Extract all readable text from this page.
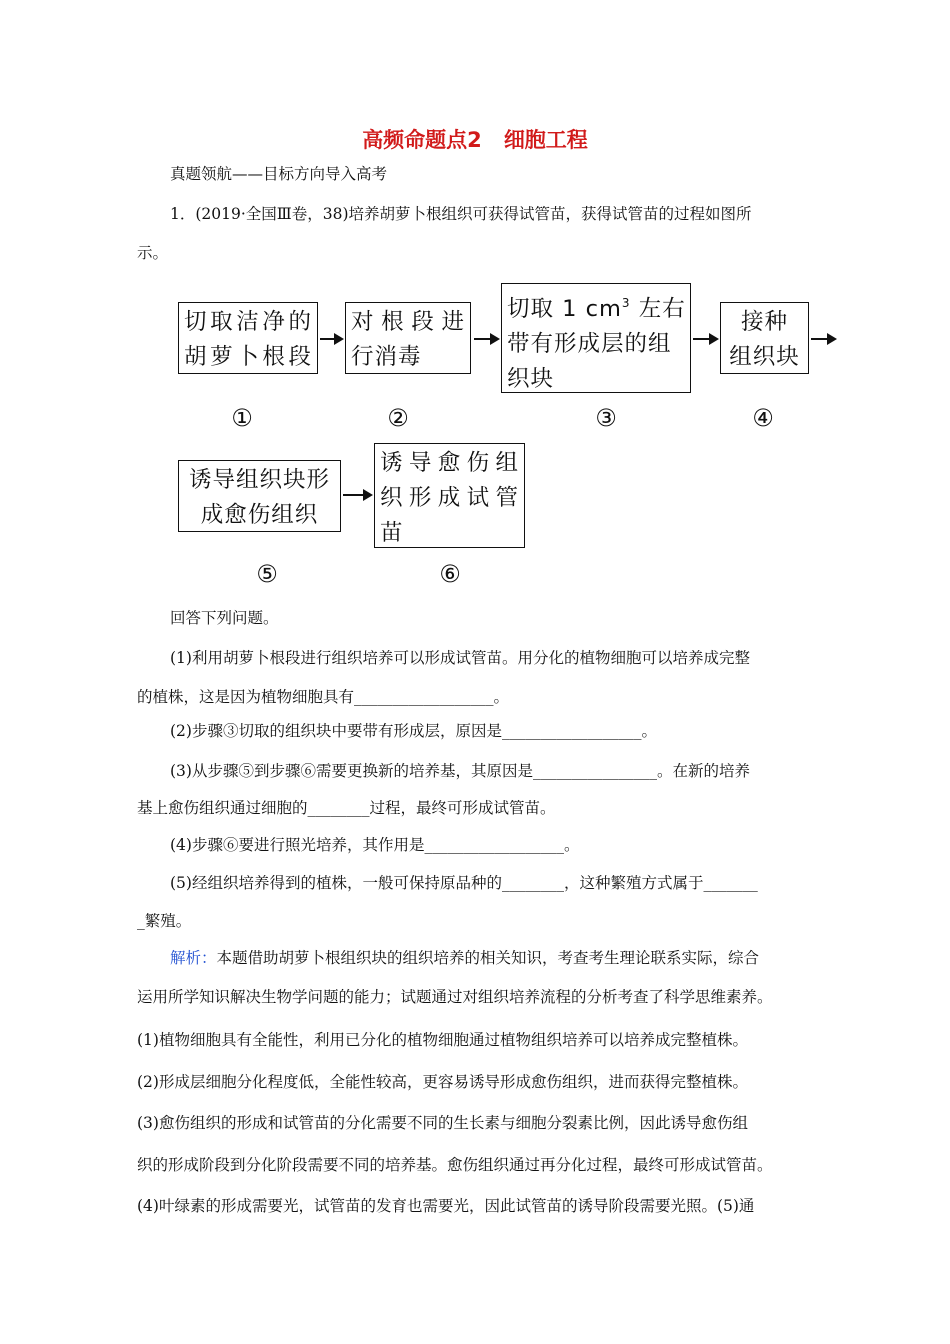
高频命题点2 细胞工程
真题领航——目标方向导入高考
1．(2019·全国Ⅲ卷，38)培养胡萝卜根组织可获得试管苗，获得试管苗的过程如图所
示。
切取洁净的
胡萝卜根段
对根段进
行消毒
切取 1 $cm^3$ 左右
带有形成层的组
织块
接种
组织块
①	②	③	④
诱导组织块形
成愈伤组织
诱导愈伤组
织形成试管
苗
⑤	⑥
回答下列问题。
(1)利用胡萝卜根段进行组织培养可以形成试管苗。用分化的植物细胞可以培养成完整
的植株，这是因为植物细胞具有__________________。
(2)步骤③切取的组织块中要带有形成层，原因是__________________。
(3)从步骤⑤到步骤⑥需要更换新的培养基，其原因是________________。在新的培养
基上愈伤组织通过细胞的________过程，最终可形成试管苗。
(4)步骤⑥要进行照光培养，其作用是__________________。
(5)经组织培养得到的植株，一般可保持原品种的________，这种繁殖方式属于_______
_繁殖。
解析：本题借助胡萝卜根组织块的组织培养的相关知识，考查考生理论联系实际，综合
运用所学知识解决生物学问题的能力；试题通过对组织培养流程的分析考查了科学思维素养。
(1)植物细胞具有全能性，利用已分化的植物细胞通过植物组织培养可以培养成完整植株。
(2)形成层细胞分化程度低，全能性较高，更容易诱导形成愈伤组织，进而获得完整植株。
(3)愈伤组织的形成和试管苗的分化需要不同的生长素与细胞分裂素比例，因此诱导愈伤组
织的形成阶段到分化阶段需要不同的培养基。愈伤组织通过再分化过程，最终可形成试管苗。
(4)叶绿素的形成需要光，试管苗的发育也需要光，因此试管苗的诱导阶段需要光照。(5)通
